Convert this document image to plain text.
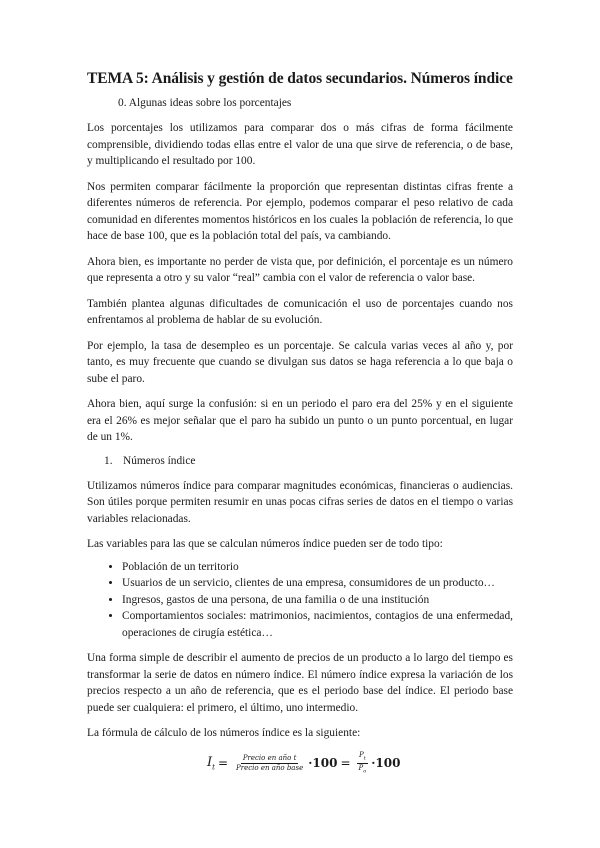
TEMA 5: Análisis y gestión de datos secundarios. Números índice
0. Algunas ideas sobre los porcentajes

Los porcentajes los utilizamos para comparar dos o más cifras de forma fácilmente comprensible, dividiendo todas ellas entre el valor de una que sirve de referencia, o de base, y multiplicando el resultado por 100.

Nos permiten comparar fácilmente la proporción que representan distintas cifras frente a diferentes números de referencia. Por ejemplo, podemos comparar el peso relativo de cada comunidad en diferentes momentos históricos en los cuales la población de referencia, lo que hace de base 100, que es la población total del país, va cambiando.

Ahora bien, es importante no perder de vista que, por definición, el porcentaje es un número que representa a otro y su valor “real” cambia con el valor de referencia o valor base.

También plantea algunas dificultades de comunicación el uso de porcentajes cuando nos enfrentamos al problema de hablar de su evolución.

Por ejemplo, la tasa de desempleo es un porcentaje. Se calcula varias veces al año y, por tanto, es muy frecuente que cuando se divulgan sus datos se haga referencia a lo que baja o sube el paro.

Ahora bien, aquí surge la confusión: si en un periodo el paro era del 25% y en el siguiente era el 26% es mejor señalar que el paro ha subido un punto o un punto porcentual, en lugar de un 1%.

1. Números índice

Utilizamos números índice para comparar magnitudes económicas, financieras o audiencias. Son útiles porque permiten resumir en unas pocas cifras series de datos en el tiempo o varias variables relacionadas.

Las variables para las que se calculan números índice pueden ser de todo tipo:

• Población de un territorio
• Usuarios de un servicio, clientes de una empresa, consumidores de un producto…
• Ingresos, gastos de una persona, de una familia o de una institución
• Comportamientos sociales: matrimonios, nacimientos, contagios de una enfermedad, operaciones de cirugía estética…

Una forma simple de describir el aumento de precios de un producto a lo largo del tiempo es transformar la serie de datos en número índice. El número índice expresa la variación de los precios respecto a un año de referencia, que es el periodo base del índice. El periodo base puede ser cualquiera: el primero, el último, uno intermedio.

La fórmula de cálculo de los números índice es la siguiente:

$I_t = \frac{\text{Precio en año t}}{\text{Precio en año base}} \cdot 100 = \frac{P_t}{P_o} \cdot 100$
